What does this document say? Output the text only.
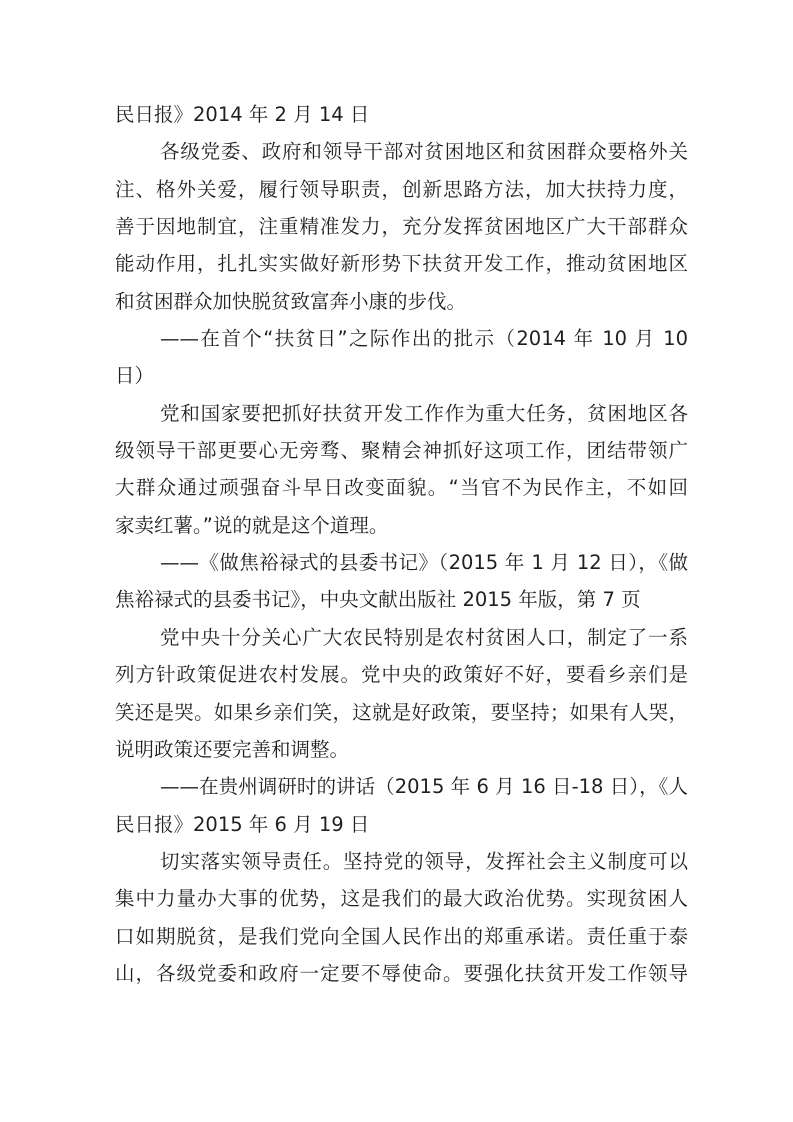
民日报》2014 年 2 月 14 日
各级党委、政府和领导干部对贫困地区和贫困群众要格外关
注、格外关爱，履行领导职责，创新思路方法，加大扶持力度，
善于因地制宜，注重精准发力，充分发挥贫困地区广大干部群众
能动作用，扎扎实实做好新形势下扶贫开发工作，推动贫困地区
和贫困群众加快脱贫致富奔小康的步伐。
——在首个“扶贫日”之际作出的批示（2014 年 10 月 10
日）
党和国家要把抓好扶贫开发工作作为重大任务，贫困地区各
级领导干部更要心无旁骛、聚精会神抓好这项工作，团结带领广
大群众通过顽强奋斗早日改变面貌。“当官不为民作主，不如回
家卖红薯。”说的就是这个道理。
——《做焦裕禄式的县委书记》（2015 年 1 月 12 日），《做
焦裕禄式的县委书记》，中央文献出版社 2015 年版，第 7 页
党中央十分关心广大农民特别是农村贫困人口，制定了一系
列方针政策促进农村发展。党中央的政策好不好，要看乡亲们是
笑还是哭。如果乡亲们笑，这就是好政策，要坚持；如果有人哭，
说明政策还要完善和调整。
——在贵州调研时的讲话（2015 年 6 月 16 日-18 日），《人
民日报》2015 年 6 月 19 日
切实落实领导责任。坚持党的领导，发挥社会主义制度可以
集中力量办大事的优势，这是我们的最大政治优势。实现贫困人
口如期脱贫，是我们党向全国人民作出的郑重承诺。责任重于泰
山，各级党委和政府一定要不辱使命。要强化扶贫开发工作领导
